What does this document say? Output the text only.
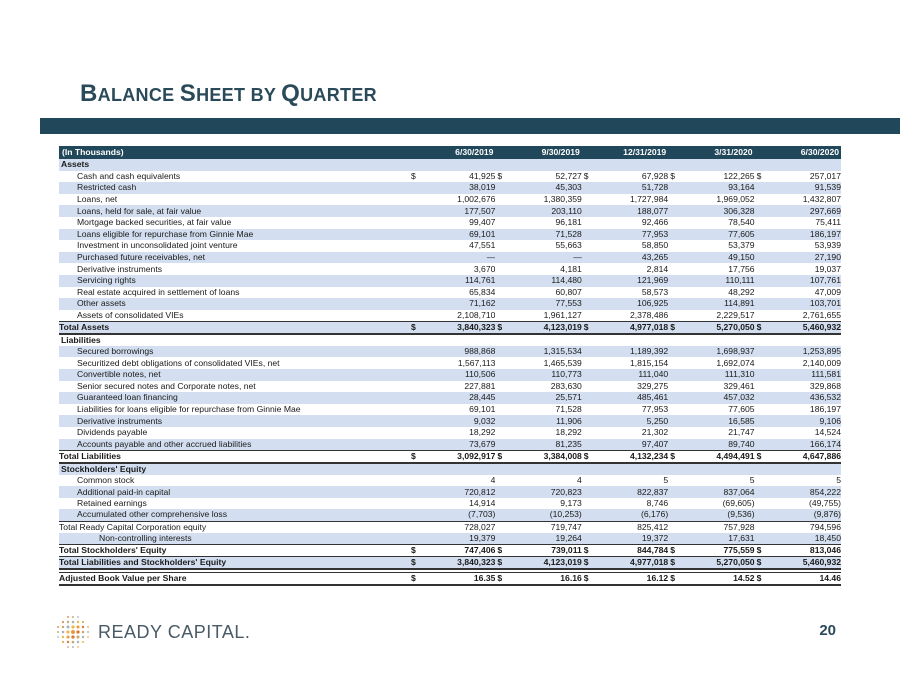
BALANCE SHEET BY QUARTER
(In Thousands)	6/30/2019	9/30/2019	12/31/2019	3/31/2020	6/30/2020
Assets					
Cash and cash equivalents	$ 41,925	$ 52,727	$ 67,928	$ 122,265	$ 257,017
Restricted cash	38,019	45,303	51,728	93,164	91,539
Loans, net	1,002,676	1,380,359	1,727,984	1,969,052	1,432,807
Loans, held for sale, at fair value	177,507	203,110	188,077	306,328	297,669
Mortgage backed securities, at fair value	99,407	96,181	92,466	78,540	75,411
Loans eligible for repurchase from Ginnie Mae	69,101	71,528	77,953	77,605	186,197
Investment in unconsolidated joint venture	47,551	55,663	58,850	53,379	53,939
Purchased future receivables, net	—	—	43,265	49,150	27,190
Derivative instruments	3,670	4,181	2,814	17,756	19,037
Servicing rights	114,761	114,480	121,969	110,111	107,761
Real estate acquired in settlement of loans	65,834	60,807	58,573	48,292	47,009
Other assets	71,162	77,553	106,925	114,891	103,701
Assets of consolidated VIEs	2,108,710	1,961,127	2,378,486	2,229,517	2,761,655
Total Assets	$ 3,840,323	$ 4,123,019	$ 4,977,018	$ 5,270,050	$ 5,460,932
Liabilities					
Secured borrowings	988,868	1,315,534	1,189,392	1,698,937	1,253,895
Securitized debt obligations of consolidated VIEs, net	1,567,113	1,465,539	1,815,154	1,692,074	2,140,009
Convertible notes, net	110,506	110,773	111,040	111,310	111,581
Senior secured notes and Corporate notes, net	227,881	283,630	329,275	329,461	329,868
Guaranteed loan financing	28,445	25,571	485,461	457,032	436,532
Liabilities for loans eligible for repurchase from Ginnie Mae	69,101	71,528	77,953	77,605	186,197
Derivative instruments	9,032	11,906	5,250	16,585	9,106
Dividends payable	18,292	18,292	21,302	21,747	14,524
Accounts payable and other accrued liabilities	73,679	81,235	97,407	89,740	166,174
Total Liabilities	$ 3,092,917	$ 3,384,008	$ 4,132,234	$ 4,494,491	$ 4,647,886
Stockholders' Equity					
Common stock	4	4	5	5	5
Additional paid-in capital	720,812	720,823	822,837	837,064	854,222
Retained earnings	14,914	9,173	8,746	(69,605)	(49,755)
Accumulated other comprehensive loss	(7,703)	(10,253)	(6,176)	(9,536)	(9,876)
Total Ready Capital Corporation equity	728,027	719,747	825,412	757,928	794,596
Non-controlling interests	19,379	19,264	19,372	17,631	18,450
Total Stockholders' Equity	$ 747,406	$ 739,011	$ 844,784	$ 775,559	$ 813,046
Total Liabilities and Stockholders' Equity	$ 3,840,323	$ 4,123,019	$ 4,977,018	$ 5,270,050	$ 5,460,932

Adjusted Book Value per Share	$ 16.35	$ 16.16	$ 16.12	$ 14.52	$ 14.46
READY CAPITAL.	20
